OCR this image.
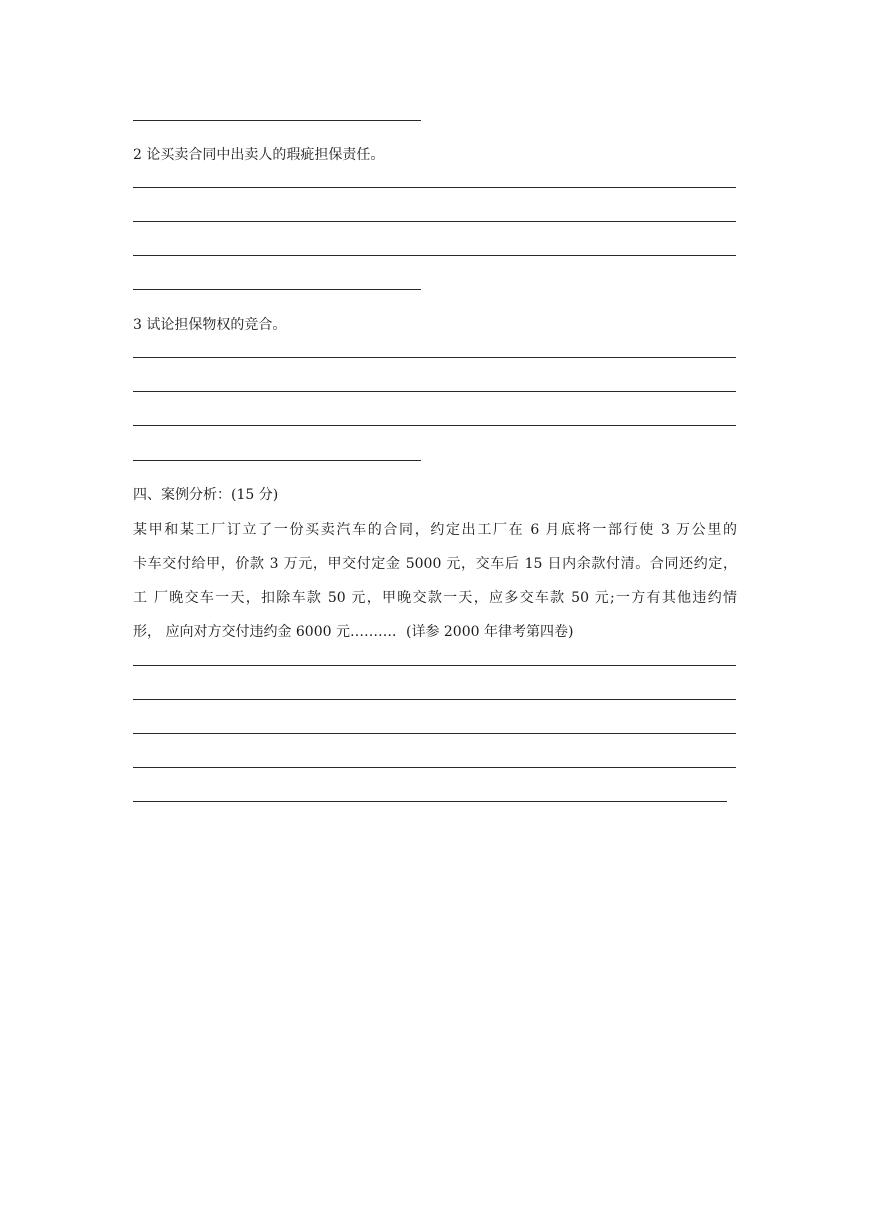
2 论买卖合同中出卖人的瑕疵担保责任。
3 试论担保物权的竞合。
四、案例分析：(15 分)
某甲和某工厂订立了一份买卖汽车的合同，约定出工厂在 6 月底将一部行使 3 万公里的
卡车交付给甲，价款 3 万元，甲交付定金 5000 元，交车后 15 日内余款付清。合同还约定，
工 厂晚交车一天，扣除车款 50 元，甲晚交款一天，应多交车款 50 元;一方有其他违约情
形， 应向对方交付违约金 6000 元………．(详参 2000 年律考第四卷)
